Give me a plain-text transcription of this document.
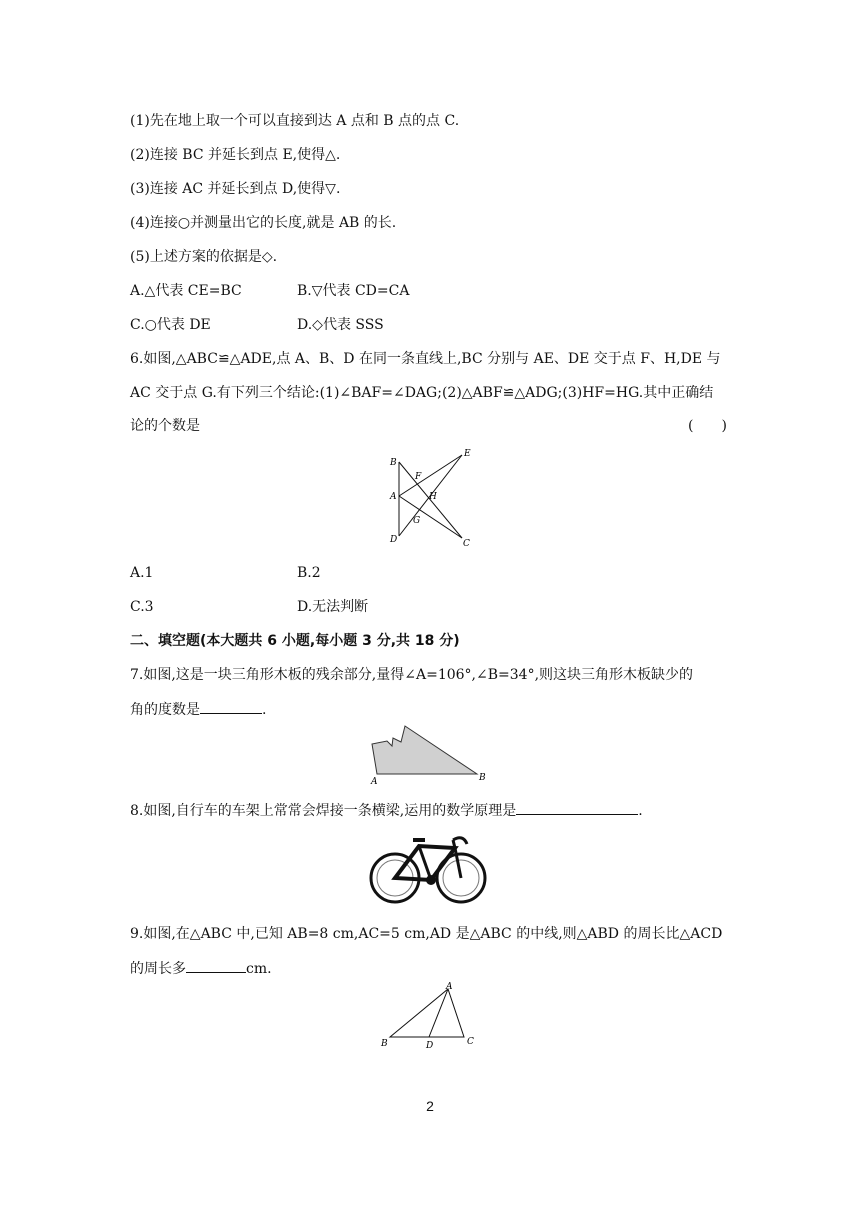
(1)先在地上取一个可以直接到达 A 点和 B 点的点 C.
(2)连接 BC 并延长到点 E,使得△.
(3)连接 AC 并延长到点 D,使得▽.
(4)连接○并测量出它的长度,就是 AB 的长.
(5)上述方案的依据是◇.
A.△代表 CE=BC	B.▽代表 CD=CA
C.○代表 DE	D.◇代表 SSS
6.如图,△ABC≌△ADE,点 A、B、D 在同一条直线上,BC 分别与 AE、DE 交于点 F、H,DE 与
AC 交于点 G.有下列三个结论:(1)∠BAF=∠DAG;(2)△ABF≌△ADG;(3)HF=HG.其中正确结
论的个数是	(　　)
B
E
F
A	H
G
D	C
A.1	B.2
C.3	D.无法判断
二、填空题(本大题共 6 小题,每小题 3 分,共 18 分)
7.如图,这是一块三角形木板的残余部分,量得∠A=106°,∠B=34°,则这块三角形木板缺少的
角的度数是	.
A	B
8.如图,自行车的车架上常常会焊接一条横梁,运用的数学原理是	.
9.如图,在△ABC 中,已知 AB=8 cm,AC=5 cm,AD 是△ABC 的中线,则△ABD 的周长比△ACD
的周长多	cm.
A
B	D	C
2
